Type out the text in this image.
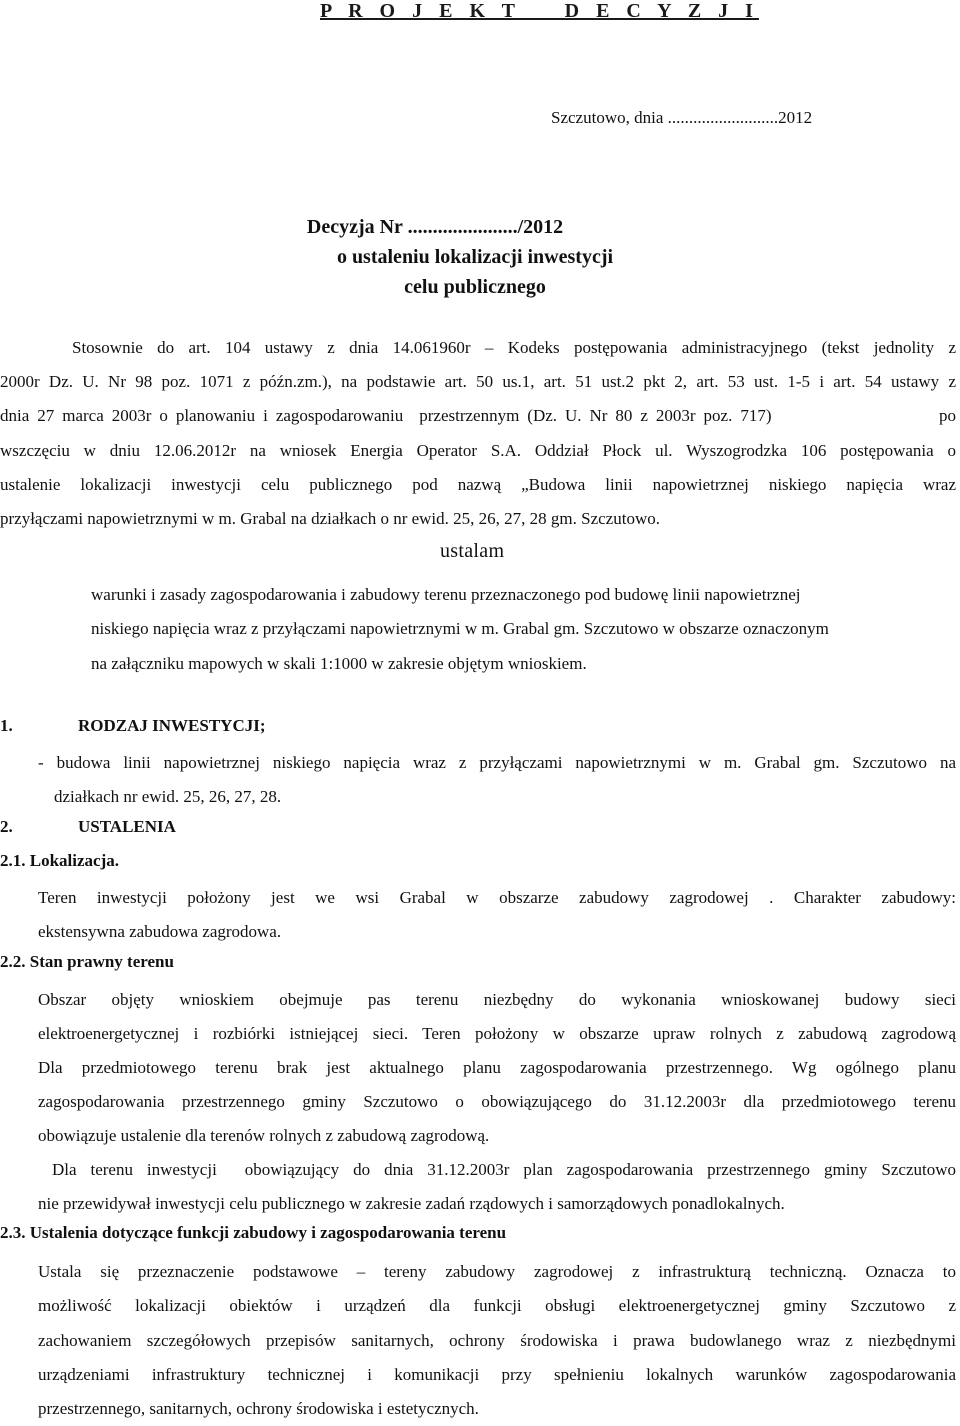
P R O J E K T    D E C Y Z J I
Szczutowo, dnia ..........................2012
Decyzja Nr ....................../2012
o ustaleniu lokalizacji inwestycji
celu publicznego
Stosownie do art. 104 ustawy z dnia 14.061960r – Kodeks postępowania administracyjnego (tekst jednolity z
2000r Dz. U. Nr 98 poz. 1071 z późn.zm.), na podstawie art. 50 us.1, art. 51 ust.2 pkt 2, art. 53 ust. 1-5 i art. 54 ustawy z
dnia 27 marca 2003r o planowaniu i zagospodarowaniu  przestrzennym (Dz. U. Nr 80 z 2003r poz. 717)                     po
wszczęciu w dniu 12.06.2012r na wniosek Energia Operator S.A. Oddział Płock ul. Wyszogrodzka 106 postępowania o
ustalenie lokalizacji inwestycji celu publicznego pod nazwą „Budowa linii napowietrznej niskiego napięcia wraz
przyłączami napowietrznymi w m. Grabal na działkach o nr ewid. 25, 26, 27, 28 gm. Szczutowo.
ustalam
warunki i zasady zagospodarowania i zabudowy terenu przeznaczonego pod budowę linii napowietrznej
niskiego napięcia wraz z przyłączami napowietrznymi w m. Grabal gm. Szczutowo w obszarze oznaczonym
na załączniku mapowych w skali 1:1000 w zakresie objętym wnioskiem.
1.	RODZAJ INWESTYCJI;
- budowa linii napowietrznej niskiego napięcia wraz z przyłączami napowietrznymi w m. Grabal gm. Szczutowo na
działkach nr ewid. 25, 26, 27, 28.
2.	USTALENIA
2.1. Lokalizacja.
Teren inwestycji położony jest we wsi Grabal w obszarze zabudowy zagrodowej . Charakter zabudowy:
ekstensywna zabudowa zagrodowa.
2.2. Stan prawny terenu
Obszar objęty wnioskiem obejmuje pas terenu niezbędny do wykonania wnioskowanej budowy sieci
elektroenergetycznej i rozbiórki istniejącej sieci. Teren położony w obszarze upraw rolnych z zabudową zagrodową
Dla przedmiotowego terenu brak jest aktualnego planu zagospodarowania przestrzennego. Wg ogólnego planu
zagospodarowania przestrzennego gminy Szczutowo o obowiązującego do 31.12.2003r dla przedmiotowego terenu
obowiązuje ustalenie dla terenów rolnych z zabudową zagrodową.
Dla terenu inwestycji  obowiązujący do dnia 31.12.2003r plan zagospodarowania przestrzennego gminy Szczutowo
nie przewidywał inwestycji celu publicznego w zakresie zadań rządowych i samorządowych ponadlokalnych.
2.3. Ustalenia dotyczące funkcji zabudowy i zagospodarowania terenu
Ustala się przeznaczenie podstawowe – tereny zabudowy zagrodowej z infrastrukturą techniczną. Oznacza to
możliwość lokalizacji obiektów i urządzeń dla funkcji obsługi elektroenergetycznej gminy Szczutowo z
zachowaniem szczegółowych przepisów sanitarnych, ochrony środowiska i prawa budowlanego wraz z niezbędnymi
urządzeniami infrastruktury technicznej i komunikacji przy spełnieniu lokalnych warunków zagospodarowania
przestrzennego, sanitarnych, ochrony środowiska i estetycznych.
